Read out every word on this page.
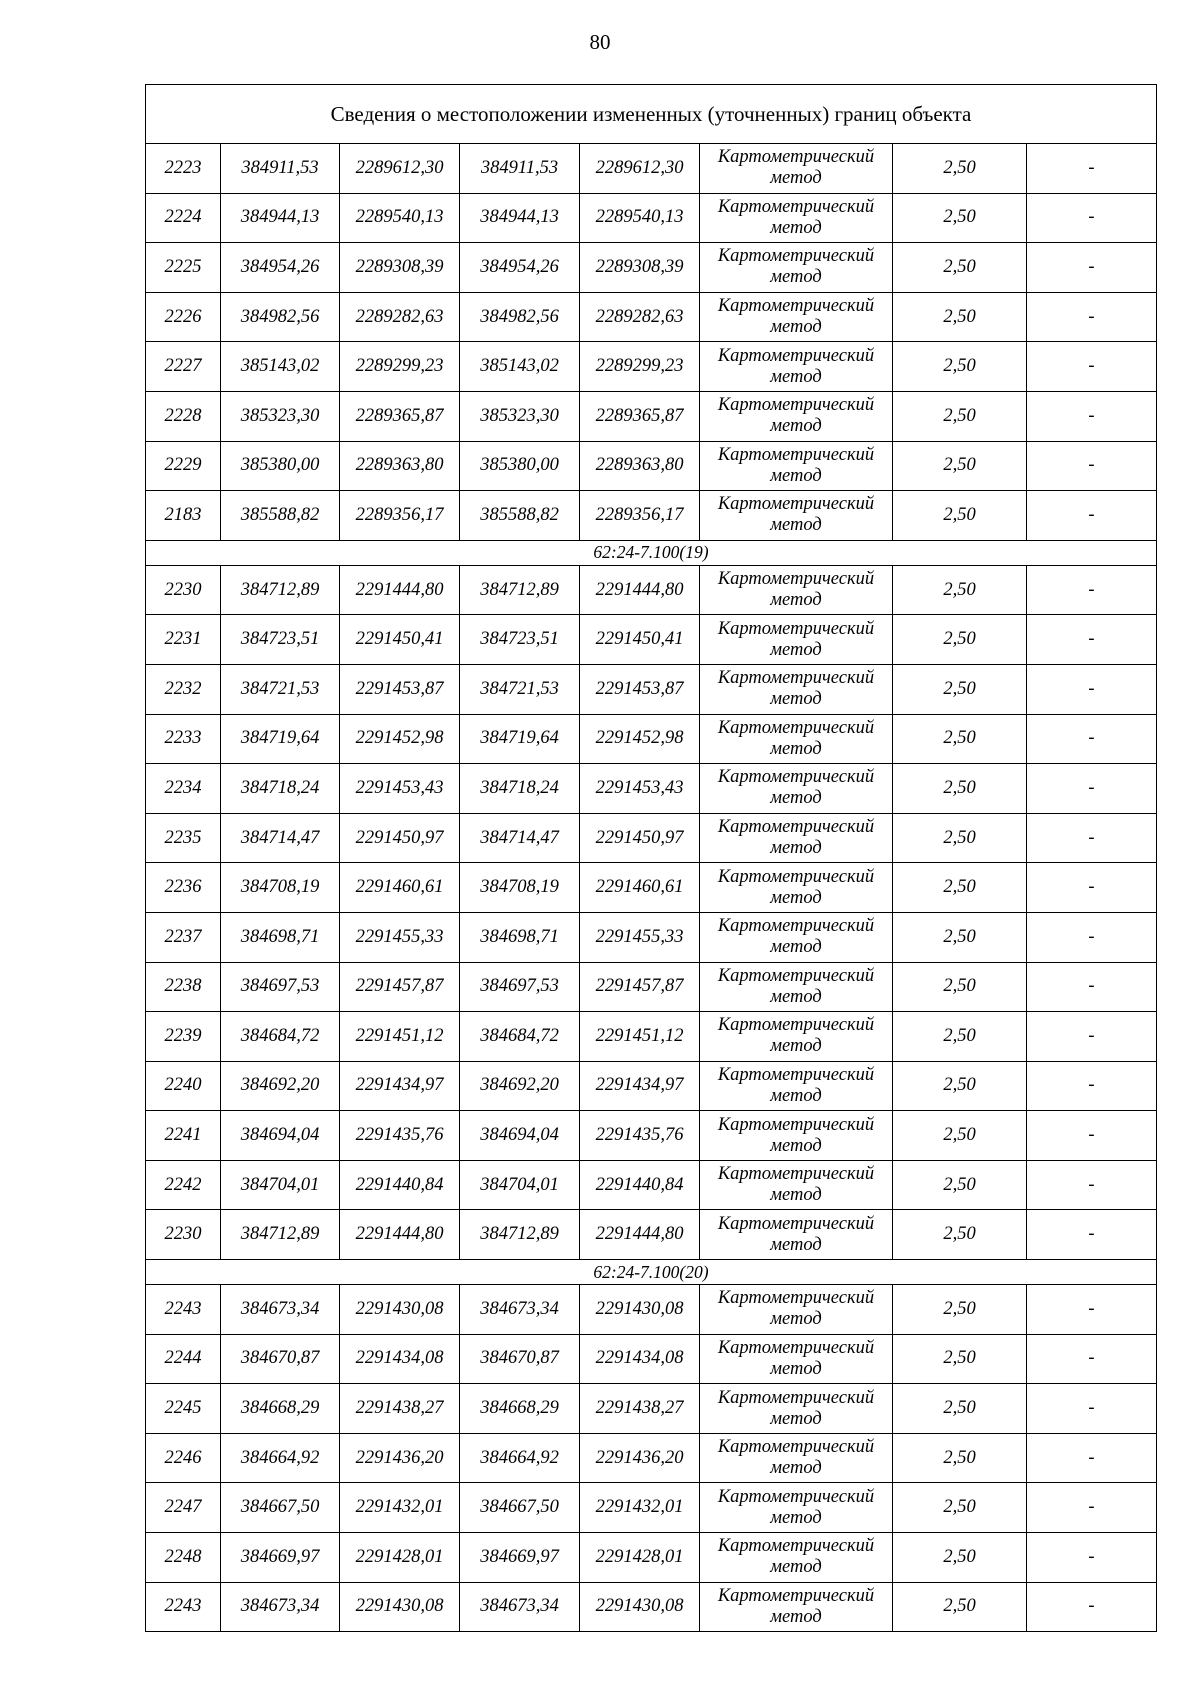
80
Сведения о местоположении измененных (уточненных) границ объекта							
2223	384911,53	2289612,30	384911,53	2289612,30	Картометрический
метод	2,50	-
2224	384944,13	2289540,13	384944,13	2289540,13	Картометрический
метод	2,50	-
2225	384954,26	2289308,39	384954,26	2289308,39	Картометрический
метод	2,50	-
2226	384982,56	2289282,63	384982,56	2289282,63	Картометрический
метод	2,50	-
2227	385143,02	2289299,23	385143,02	2289299,23	Картометрический
метод	2,50	-
2228	385323,30	2289365,87	385323,30	2289365,87	Картометрический
метод	2,50	-
2229	385380,00	2289363,80	385380,00	2289363,80	Картометрический
метод	2,50	-
2183	385588,82	2289356,17	385588,82	2289356,17	Картометрический
метод	2,50	-
62:24-7.100(19)							
2230	384712,89	2291444,80	384712,89	2291444,80	Картометрический
метод	2,50	-
2231	384723,51	2291450,41	384723,51	2291450,41	Картометрический
метод	2,50	-
2232	384721,53	2291453,87	384721,53	2291453,87	Картометрический
метод	2,50	-
2233	384719,64	2291452,98	384719,64	2291452,98	Картометрический
метод	2,50	-
2234	384718,24	2291453,43	384718,24	2291453,43	Картометрический
метод	2,50	-
2235	384714,47	2291450,97	384714,47	2291450,97	Картометрический
метод	2,50	-
2236	384708,19	2291460,61	384708,19	2291460,61	Картометрический
метод	2,50	-
2237	384698,71	2291455,33	384698,71	2291455,33	Картометрический
метод	2,50	-
2238	384697,53	2291457,87	384697,53	2291457,87	Картометрический
метод	2,50	-
2239	384684,72	2291451,12	384684,72	2291451,12	Картометрический
метод	2,50	-
2240	384692,20	2291434,97	384692,20	2291434,97	Картометрический
метод	2,50	-
2241	384694,04	2291435,76	384694,04	2291435,76	Картометрический
метод	2,50	-
2242	384704,01	2291440,84	384704,01	2291440,84	Картометрический
метод	2,50	-
2230	384712,89	2291444,80	384712,89	2291444,80	Картометрический
метод	2,50	-
62:24-7.100(20)							
2243	384673,34	2291430,08	384673,34	2291430,08	Картометрический
метод	2,50	-
2244	384670,87	2291434,08	384670,87	2291434,08	Картометрический
метод	2,50	-
2245	384668,29	2291438,27	384668,29	2291438,27	Картометрический
метод	2,50	-
2246	384664,92	2291436,20	384664,92	2291436,20	Картометрический
метод	2,50	-
2247	384667,50	2291432,01	384667,50	2291432,01	Картометрический
метод	2,50	-
2248	384669,97	2291428,01	384669,97	2291428,01	Картометрический
метод	2,50	-
2243	384673,34	2291430,08	384673,34	2291430,08	Картометрический
метод	2,50	-
